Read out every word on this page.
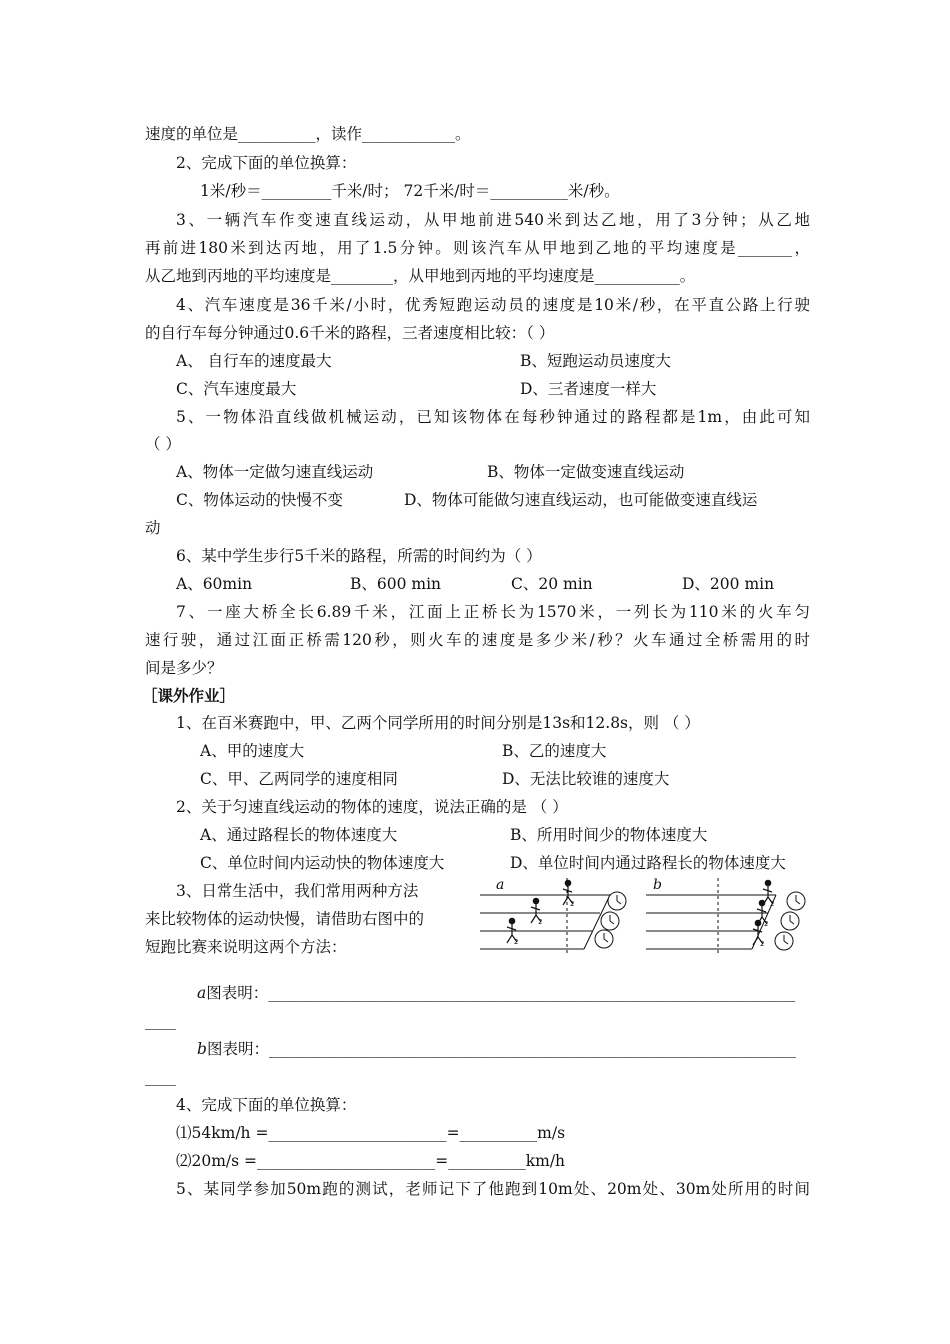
速度的单位是__________，读作____________。
2、完成下面的单位换算：
1米/秒＝_________千米/时； 72千米/时＝__________米/秒。
3、一辆汽车作变速直线运动，从甲地前进540米到达乙地，用了3分钟；从乙地
再前进180米到达丙地，用了1.5分钟。则该汽车从甲地到乙地的平均速度是_______，
从乙地到丙地的平均速度是________，从甲地到丙地的平均速度是___________。
4、汽车速度是36千米/小时，优秀短跑运动员的速度是10米/秒，在平直公路上行驶
的自行车每分钟通过0.6千米的路程，三者速度相比较：（ ）
A、 自行车的速度最大	B、短跑运动员速度大
C、汽车速度最大	D、三者速度一样大
5、一物体沿直线做机械运动，已知该物体在每秒钟通过的路程都是1m，由此可知
（ ）
A、物体一定做匀速直线运动	B、物体一定做变速直线运动
C、物体运动的快慢不变	D、物体可能做匀速直线运动，也可能做变速直线运
动
6、某中学生步行5千米的路程，所需的时间约为（ ）
A、60min	B、600 min	C、20 min	D、200 min
7、一座大桥全长6.89千米，江面上正桥长为1570米，一列长为110米的火车匀
速行驶，通过江面正桥需120秒，则火车的速度是多少米/秒？火车通过全桥需用的时
间是多少？
［课外作业］
1、在百米赛跑中，甲、乙两个同学所用的时间分别是13s和12.8s，则 （ ）
A、甲的速度大	B、乙的速度大
C、甲、乙两同学的速度相同	D、无法比较谁的速度大
2、关于匀速直线运动的物体的速度，说法正确的是 （ ）
A、通过路程长的物体速度大	B、所用时间少的物体速度大
C、单位时间内运动快的物体速度大	D、单位时间内通过路程长的物体速度大
3、日常生活中，我们常用两种方法
来比较物体的运动快慢，请借助右图中的
短跑比赛来说明这两个方法：
2 a	b
a图表明：____________________________________________________________________
____
b图表明：____________________________________________________________________
____
4、完成下面的单位换算：
⑴54km/h =_______________________=__________m/s
⑵20m/s =_______________________=__________km/h
5、某同学参加50m跑的测试，老师记下了他跑到10m处、20m处、30m处所用的时间
